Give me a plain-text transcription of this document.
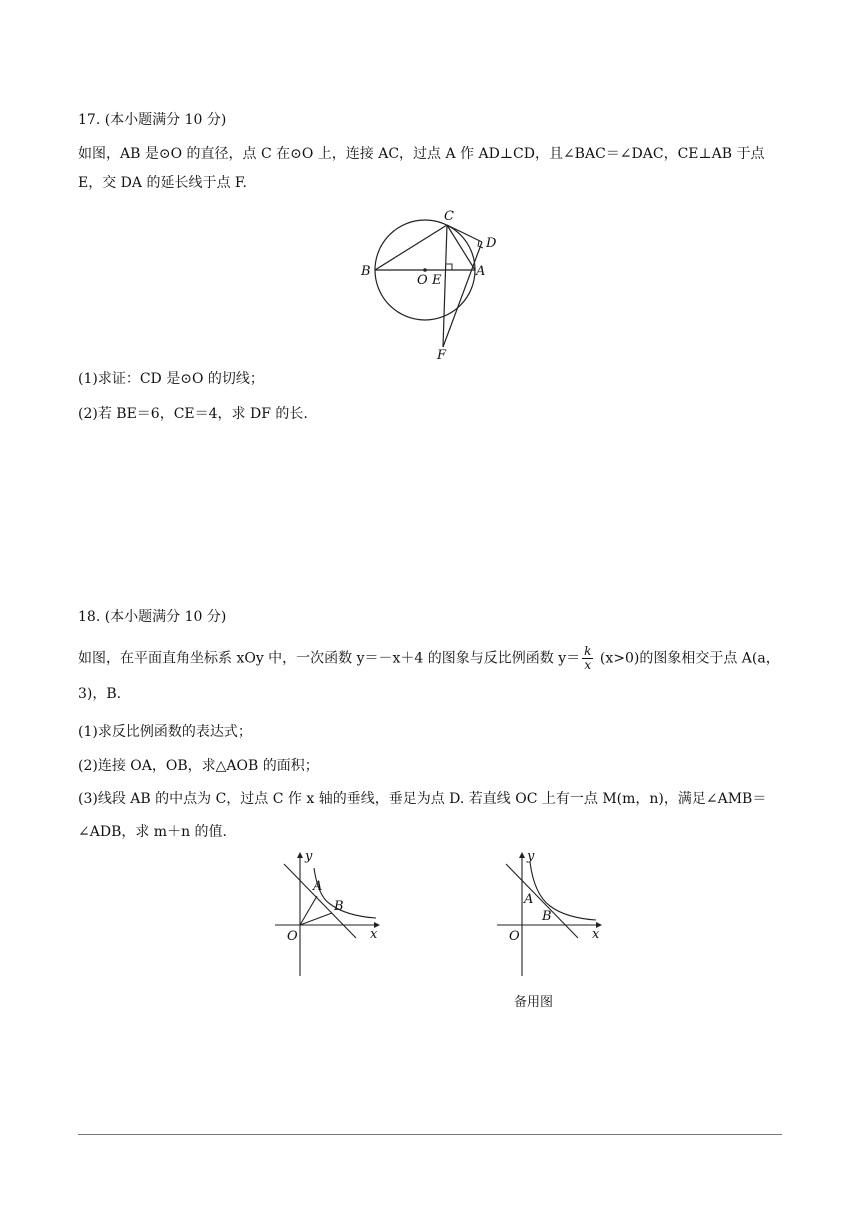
17. (本小题满分 10 分)
如图，AB 是⊙O 的直径，点 C 在⊙O 上，连接 AC，过点 A 作 AD⊥CD，且∠BAC＝∠DAC，CE⊥AB 于点
E，交 DA 的延长线于点 F.
C
D
B
O E
A
F
(1)求证：CD 是⊙O 的切线；
(2)若 BE＝6，CE＝4，求 DF 的长.
18. (本小题满分 10 分)
如图，在平面直角坐标系 xOy 中，一次函数 y＝－x＋4 的图象与反比例函数 $y= \frac{k}{x} (x>0)$的图象相交于点 A(a，
3)，B.
(1)求反比例函数的表达式；
(2)连接 OA，OB，求△AOB 的面积；
(3)线段 AB 的中点为 C，过点 C 作 x 轴的垂线，垂足为点 D. 若直线 OC 上有一点 M(m，n)，满足∠AMB＝
∠ADB，求 m＋n 的值.
y
x
O
A
B
y
x
O
A
B
备用图
